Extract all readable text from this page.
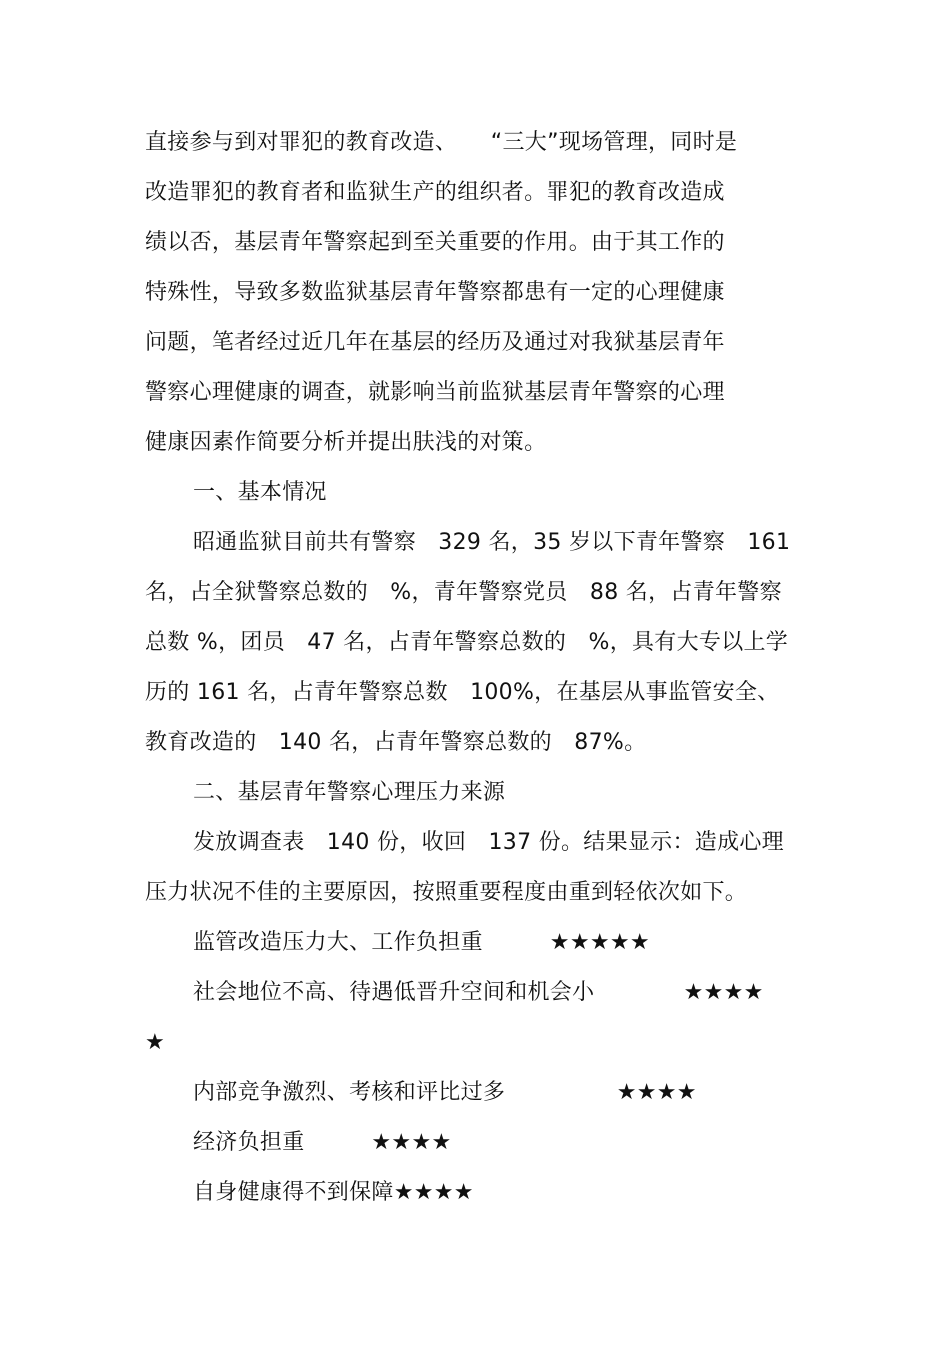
直接参与到对罪犯的教育改造、　　“三大”现场管理，同时是
改造罪犯的教育者和监狱生产的组织者。罪犯的教育改造成
绩以否，基层青年警察起到至关重要的作用。由于其工作的
特殊性，导致多数监狱基层青年警察都患有一定的心理健康
问题，笔者经过近几年在基层的经历及通过对我狱基层青年
警察心理健康的调查，就影响当前监狱基层青年警察的心理
健康因素作简要分析并提出肤浅的对策。
一、基本情况
昭通监狱目前共有警察　329 名，35 岁以下青年警察　161
名，占全狱警察总数的　%，青年警察党员　88 名，占青年警察
总数 %，团员　47 名，占青年警察总数的　%，具有大专以上学
历的 161 名，占青年警察总数　100%，在基层从事监管安全、
教育改造的　140 名，占青年警察总数的　87%。
二、基层青年警察心理压力来源
发放调查表　140 份，收回　137 份。结果显示：造成心理
压力状况不佳的主要原因，按照重要程度由重到轻依次如下。
监管改造压力大、工作负担重　　　★★★★★
社会地位不高、待遇低晋升空间和机会小　　　　★★★★
★
内部竞争激烈、考核和评比过多　　　　　★★★★
经济负担重　　　★★★★
自身健康得不到保障★★★★
